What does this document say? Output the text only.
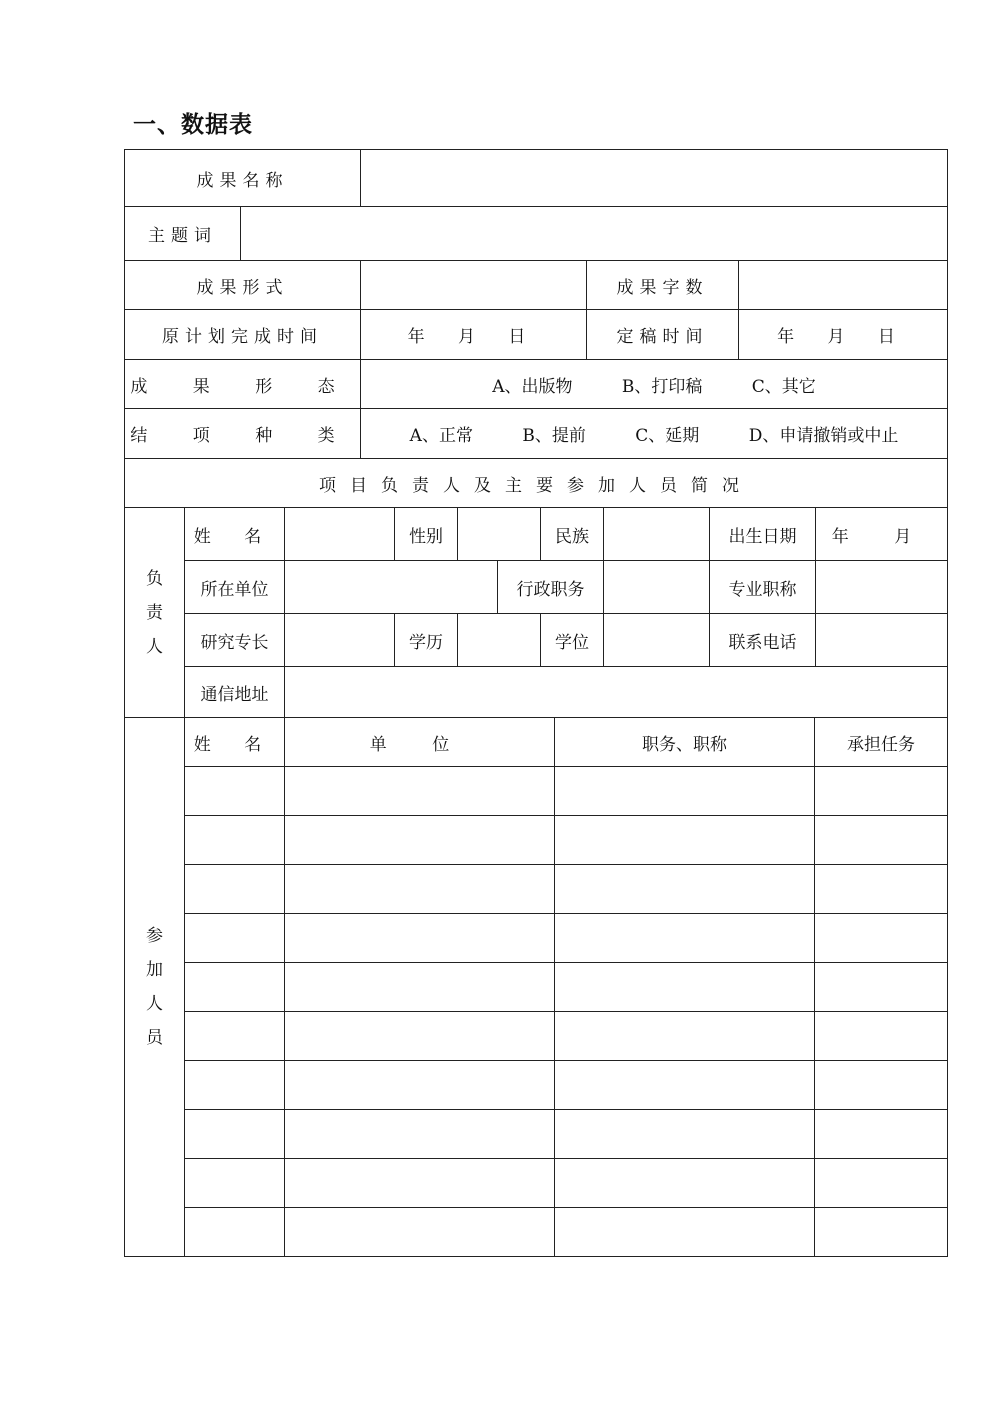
一、数据表
成果名称				
主题词				
成果形式			成果字数	
原计划完成时间		年 月 日	定稿时间	年 月 日
成 果 形 态		A、出版物 B、打印稿 C、其它		
结 项 种 类		A、正常 B、提前 C、延期 D、申请撤销或中止		
项目负责人及主要参加人员简况				
负
责
人	姓 名		性别			民族		出生日期	年 月
	所在单位				行政职务			专业职称	
	研究专长		学历			学位		联系电话	
	通信地址								
参
加
人
员	姓 名	单 位	职务、职称	承担任务
